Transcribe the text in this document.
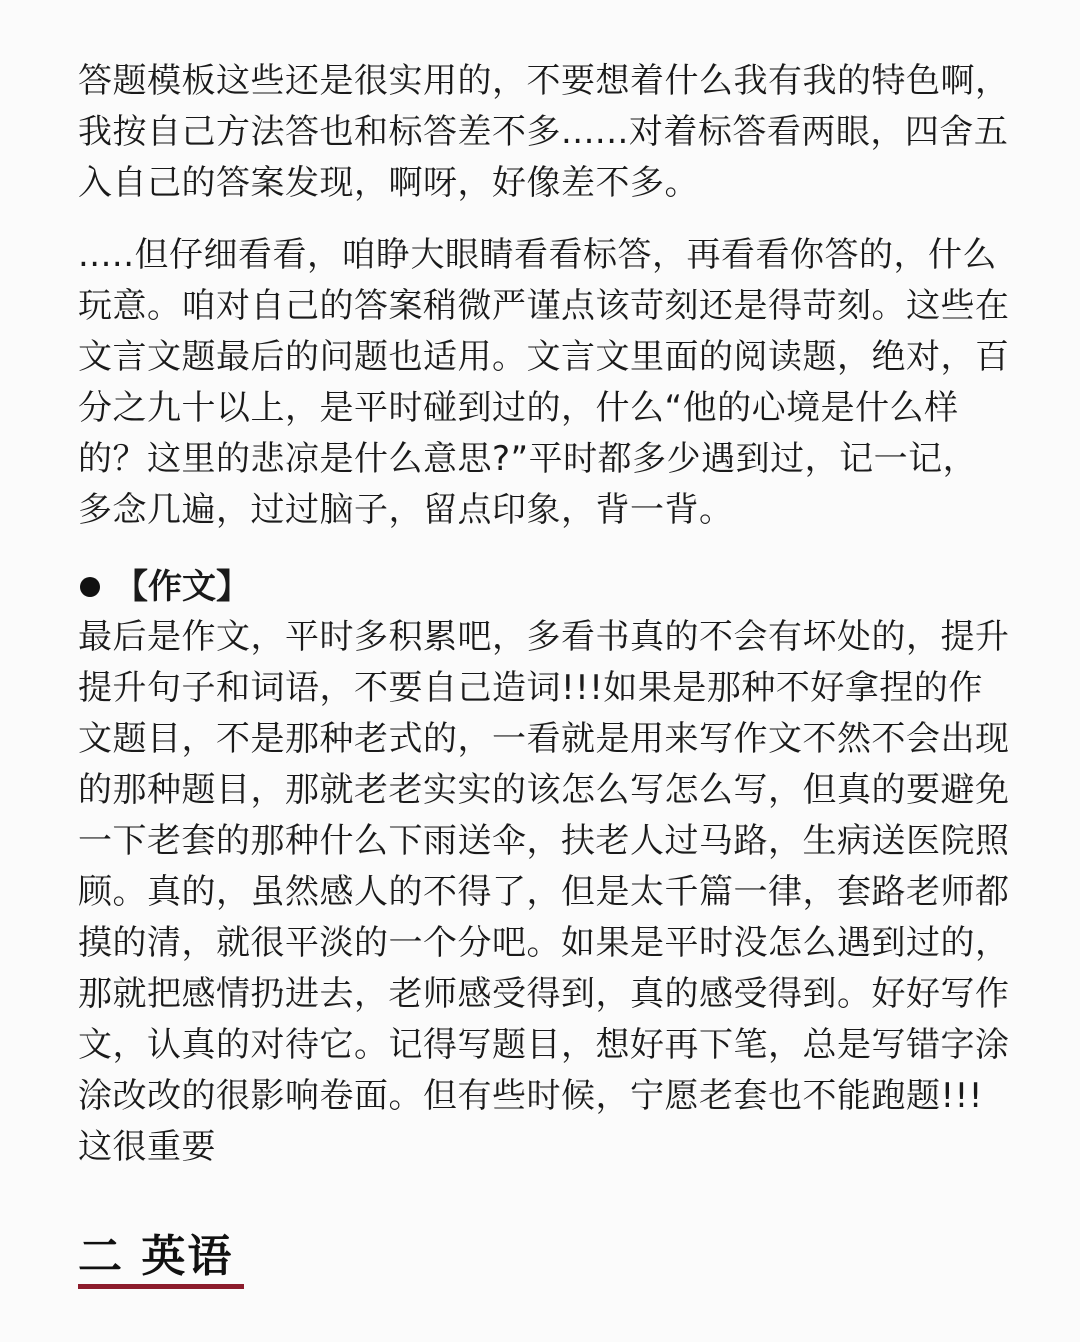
答题模板这些还是很实用的，不要想着什么我有我的特色啊，我按自己方法答也和标答差不多......对着标答看两眼，四舍五入自己的答案发现，啊呀，好像差不多。

.....但仔细看看，咱睁大眼睛看看标答，再看看你答的，什么玩意。咱对自己的答案稍微严谨点该苛刻还是得苛刻。这些在文言文题最后的问题也适用。文言文里面的阅读题，绝对，百分之九十以上，是平时碰到过的，什么“他的心境是什么样的？这里的悲凉是什么意思?”平时都多少遇到过，记一记，多念几遍，过过脑子，留点印象，背一背。

【作文】

最后是作文，平时多积累吧，多看书真的不会有坏处的，提升提升句子和词语，不要自己造词!!!如果是那种不好拿捏的作文题目，不是那种老式的，一看就是用来写作文不然不会出现的那种题目，那就老老实实的该怎么写怎么写，但真的要避免一下老套的那种什么下雨送伞，扶老人过马路，生病送医院照顾。真的，虽然感人的不得了，但是太千篇一律，套路老师都摸的清，就很平淡的一个分吧。如果是平时没怎么遇到过的，那就把感情扔进去，老师感受得到，真的感受得到。好好写作文，认真的对待它。记得写题目，想好再下笔，总是写错字涂涂改改的很影响卷面。但有些时候，宁愿老套也不能跑题!!!这很重要

二 英语
